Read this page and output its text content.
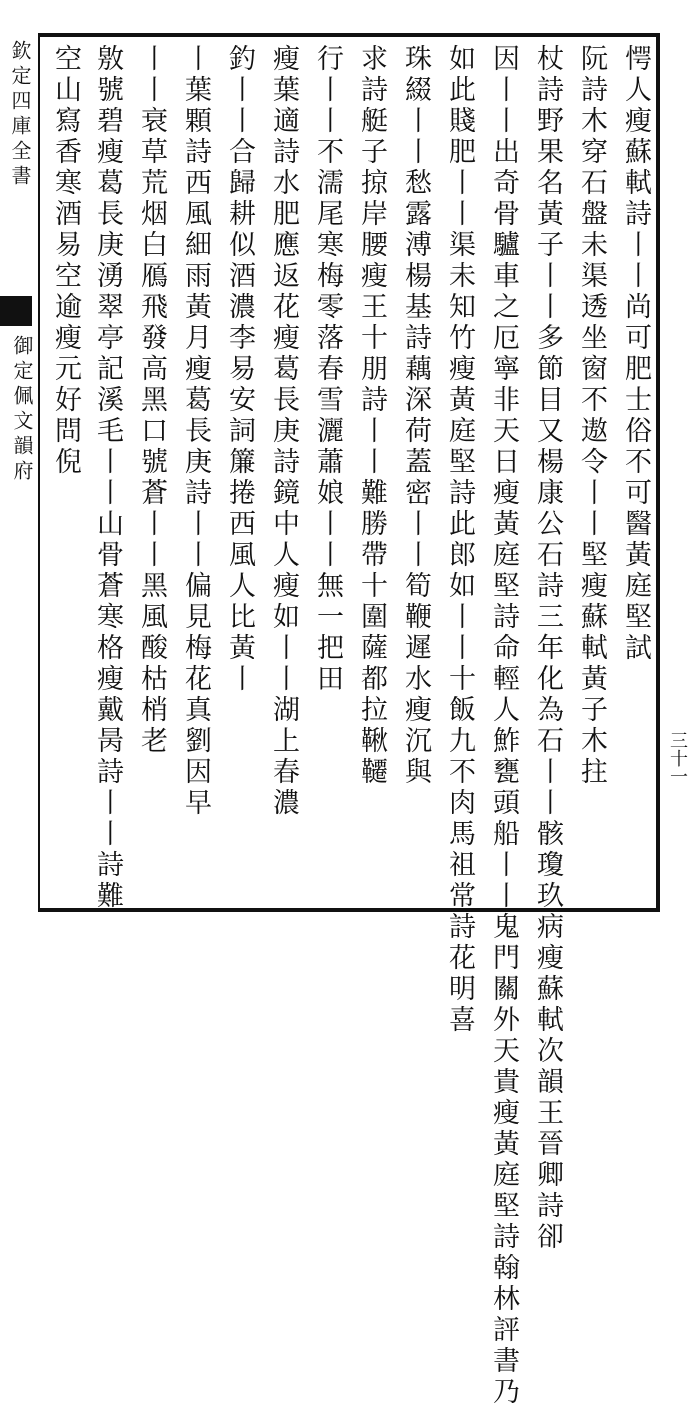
欽定四庫全書
御定佩文韻府
三十一
愕人瘦蘇軾詩丨丨尚可肥士俗不可醫黃庭堅試
阮詩木穿石盤未渠透坐窗不遨令丨丨堅瘦蘇軾黃子木拄
杖詩野果名黃子丨丨多節目又楊康公石詩三年化為石丨丨骸瓊玖病瘦蘇軾次韻王晉卿詩卻
因丨丨出奇骨驢車之厄寧非天日瘦黃庭堅詩命輕人鮓甕頭船丨丨鬼門關外天貴瘦黃庭堅詩翰林評書乃
如此賤肥丨丨渠未知竹瘦黃庭堅詩此郎如丨丨十飯九不肉馬祖常詩花明喜
珠綴丨丨愁露溥楊基詩藕深荷蓋密丨丨筍鞭遲水瘦沉與
求詩艇子掠岸腰瘦王十朋詩丨丨難勝帶十圍薩都拉鞦韆
行丨丨不濡尾寒梅零落春雪灑蕭娘丨丨無一把田
瘦葉適詩水肥應返花瘦葛長庚詩鏡中人瘦如丨丨湖上春濃
釣丨丨合歸耕似酒濃李易安詞簾捲西風人比黃丨
丨葉顆詩西風細雨黃月瘦葛長庚詩丨丨偏見梅花真劉因早
丨丨衰草荒烟白鴈飛發高黑口號蒼丨丨黑風酸枯梢老
敫號碧瘦葛長庚湧翠亭記溪毛丨丨山骨蒼寒格瘦戴昺詩丨丨詩難
空山寫香寒酒易空逾瘦元好問倪
